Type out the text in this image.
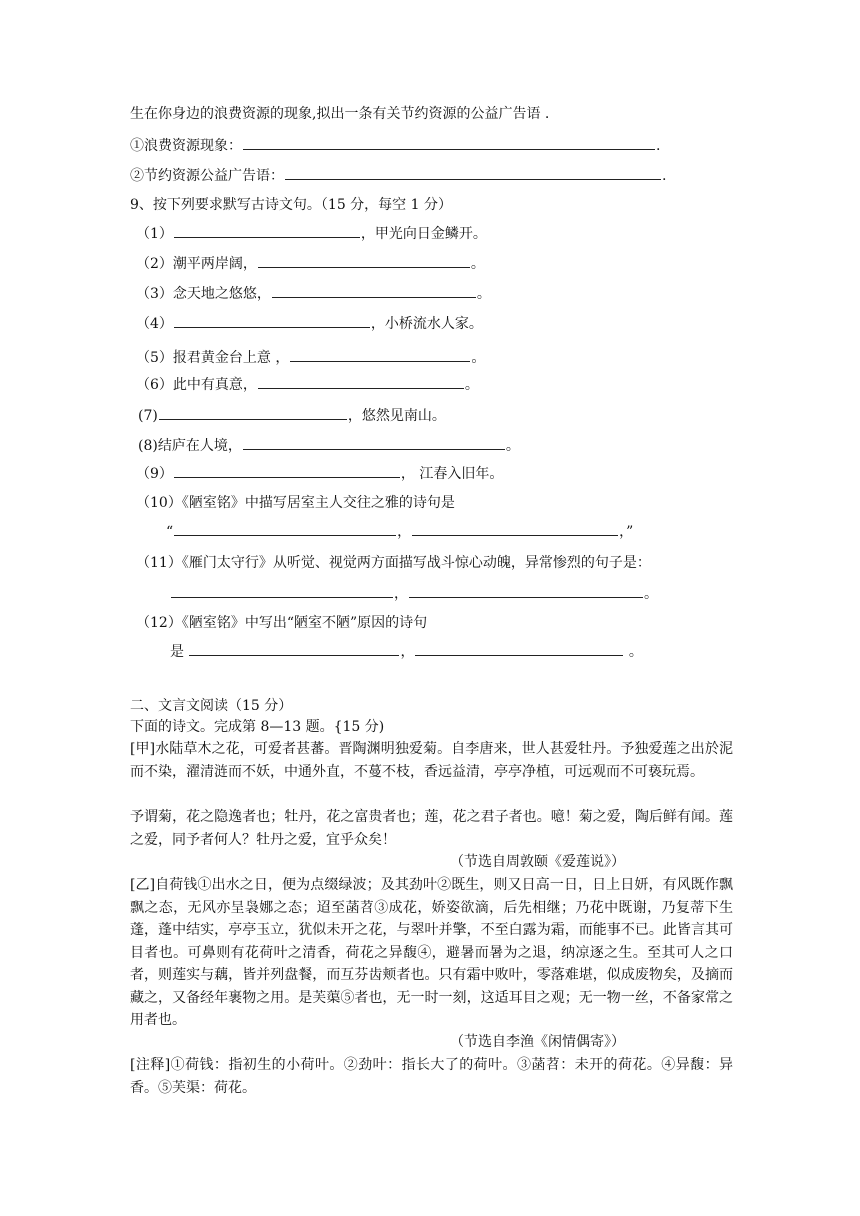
生在你身边的浪费资源的现象,拟出一条有关节约资源的公益广告语 .
①浪费资源现象：	.
②节约资源公益广告语：	.
9、按下列要求默写古诗文句。（15 分，每空 1 分）
（1）	，甲光向日金鳞开。
（2）潮平两岸阔，	。
（3）念天地之悠悠，	。
（4）	，小桥流水人家。
（5）报君黄金台上意 ，	。
（6）此中有真意，	。
(7)	，悠然见南山。
(8)结庐在人境，	。
（9）	， 江春入旧年。
（10）《陋室铭》中描写居室主人交往之雅的诗句是
“	，	，”
（11）《雁门太守行》从听觉、视觉两方面描写战斗惊心动魄，异常惨烈的句子是：
，	。
（12）《陋室铭》中写出“陋室不陋”原因的诗句
是	，	。
二、文言文阅读（15 分）
下面的诗文。完成第 8—13 题。{15 分)
[甲]水陆草木之花，可爱者甚蕃。晋陶渊明独爱菊。自李唐来，世人甚爱牡丹。予独爱莲之出於泥而不染，濯清涟而不妖，中通外直，不蔓不枝，香远益清，亭亭净植，可远观而不可亵玩焉。
予谓菊，花之隐逸者也；牡丹，花之富贵者也；莲，花之君子者也。噫！菊之爱，陶后鲜有闻。莲之爱，同予者何人？牡丹之爱，宜乎众矣！
（节选自周敦颐《爱莲说》）
[乙]自荷钱①出水之日，便为点缀绿波；及其劲叶②既生，则又日高一日，日上日妍，有风既作飘飘之态，无风亦呈袅娜之态；迢至菡苕③成花，娇姿欲滴，后先相继；乃花中既谢，乃复蒂下生蓬，蓬中结实，亭亭玉立，犹似未开之花，与翠叶并擎，不至白露为霜，而能事不已。此皆言其可目者也。可鼻则有花荷叶之清香，荷花之异馥④，避暑而暑为之退，纳凉逐之生。至其可人之口者，则莲实与藕，皆并列盘餐，而互芬齿颊者也。只有霜中败叶，零落难堪，似成废物矣，及摘而藏之，又备经年裹物之用。是芙蕖⑤者也，无一时一刻，这适耳目之观；无一物一丝，不备家常之用者也。
（节选自李渔《闲情偶寄》）
[注释]①荷钱：指初生的小荷叶。②劲叶：指长大了的荷叶。③菡苕：未开的荷花。④异馥：异香。⑤芙渠：荷花。
